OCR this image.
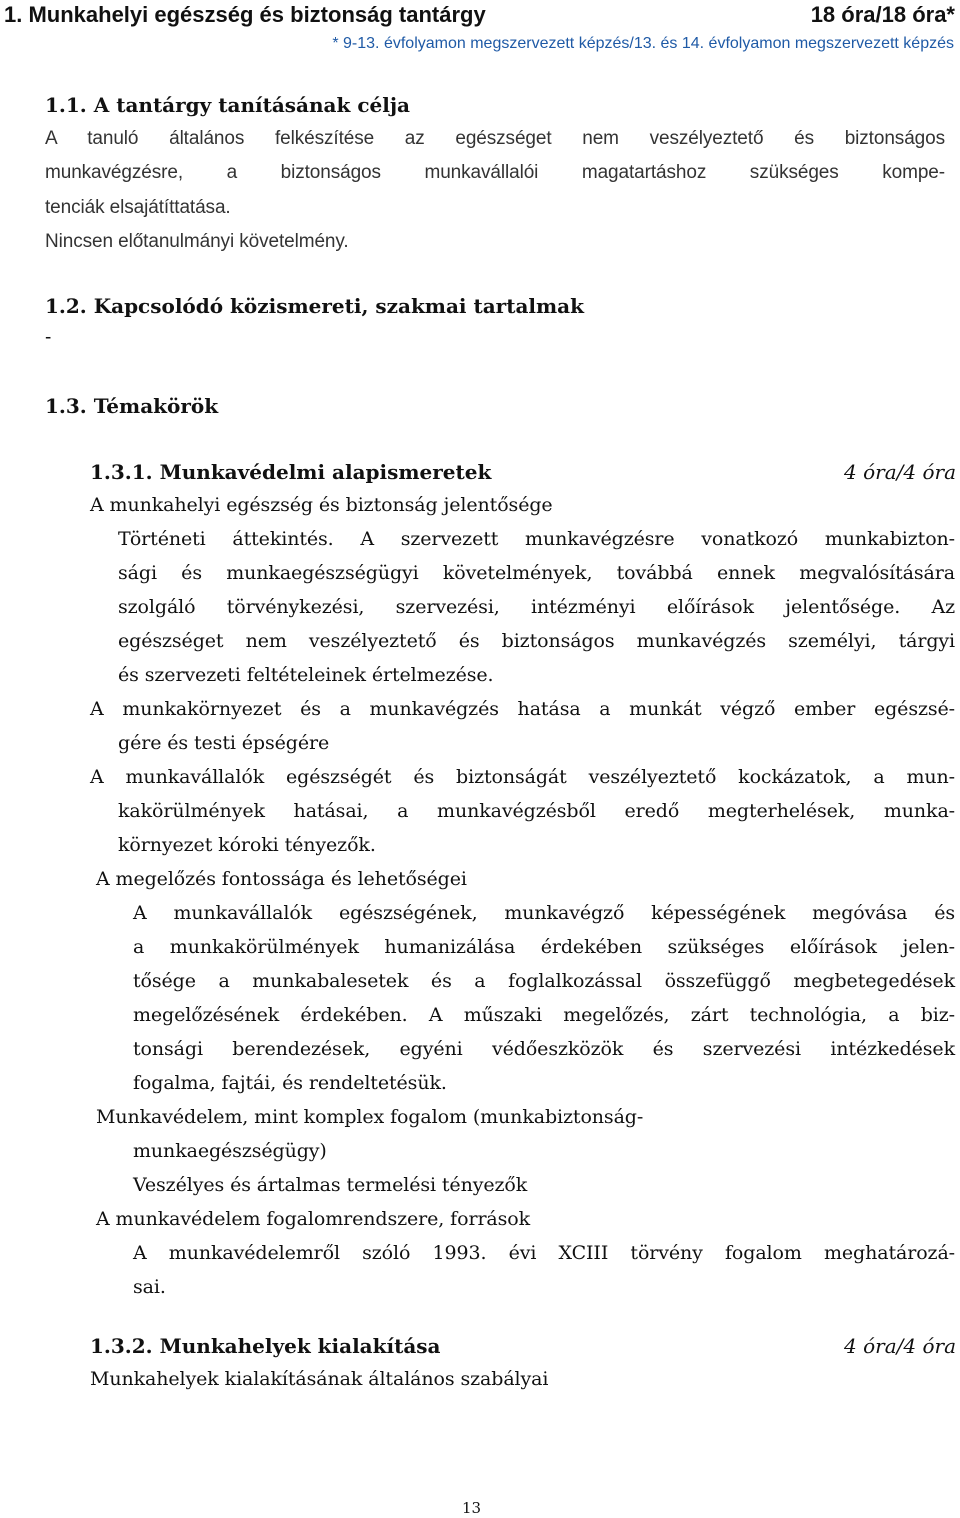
1. Munkahelyi egészség és biztonság tantárgy	18 óra/18 óra*
* 9-13. évfolyamon megszervezett képzés/13. és 14. évfolyamon megszervezett képzés
1.1. A tantárgy tanításának célja
A tanuló általános felkészítése az egészséget nem veszélyeztető és biztonságos
munkavégzésre, a biztonságos munkavállalói magatartáshoz szükséges kompe-
tenciák elsajátíttatása.
Nincsen előtanulmányi követelmény.
1.2. Kapcsolódó közismereti, szakmai tartalmak
-
1.3. Témakörök
1.3.1. Munkavédelmi alapismeretek	4 óra/4 óra
A munkahelyi egészség és biztonság jelentősége
Történeti áttekintés. A szervezett munkavégzésre vonatkozó munkabizton-
sági és munkaegészségügyi követelmények, továbbá ennek megvalósítására
szolgáló törvénykezési, szervezési, intézményi előírások jelentősége. Az
egészséget nem veszélyeztető és biztonságos munkavégzés személyi, tárgyi
és szervezeti feltételeinek értelmezése.
A munkakörnyezet és a munkavégzés hatása a munkát végző ember egészsé-
gére és testi épségére
A munkavállalók egészségét és biztonságát veszélyeztető kockázatok, a mun-
kakörülmények hatásai, a munkavégzésből eredő megterhelések, munka-
környezet kóroki tényezők.
A megelőzés fontossága és lehetőségei
A munkavállalók egészségének, munkavégző képességének megóvása és
a munkakörülmények humanizálása érdekében szükséges előírások jelen-
tősége a munkabalesetek és a foglalkozással összefüggő megbetegedések
megelőzésének érdekében. A műszaki megelőzés, zárt technológia, a biz-
tonsági berendezések, egyéni védőeszközök és szervezési intézkedések
fogalma, fajtái, és rendeltetésük.
Munkavédelem, mint komplex fogalom (munkabiztonság-
munkaegészségügy)
Veszélyes és ártalmas termelési tényezők
A munkavédelem fogalomrendszere, források
A munkavédelemről szóló 1993. évi XCIII törvény fogalom meghatározá-
sai.
1.3.2. Munkahelyek kialakítása	4 óra/4 óra
Munkahelyek kialakításának általános szabályai
13
